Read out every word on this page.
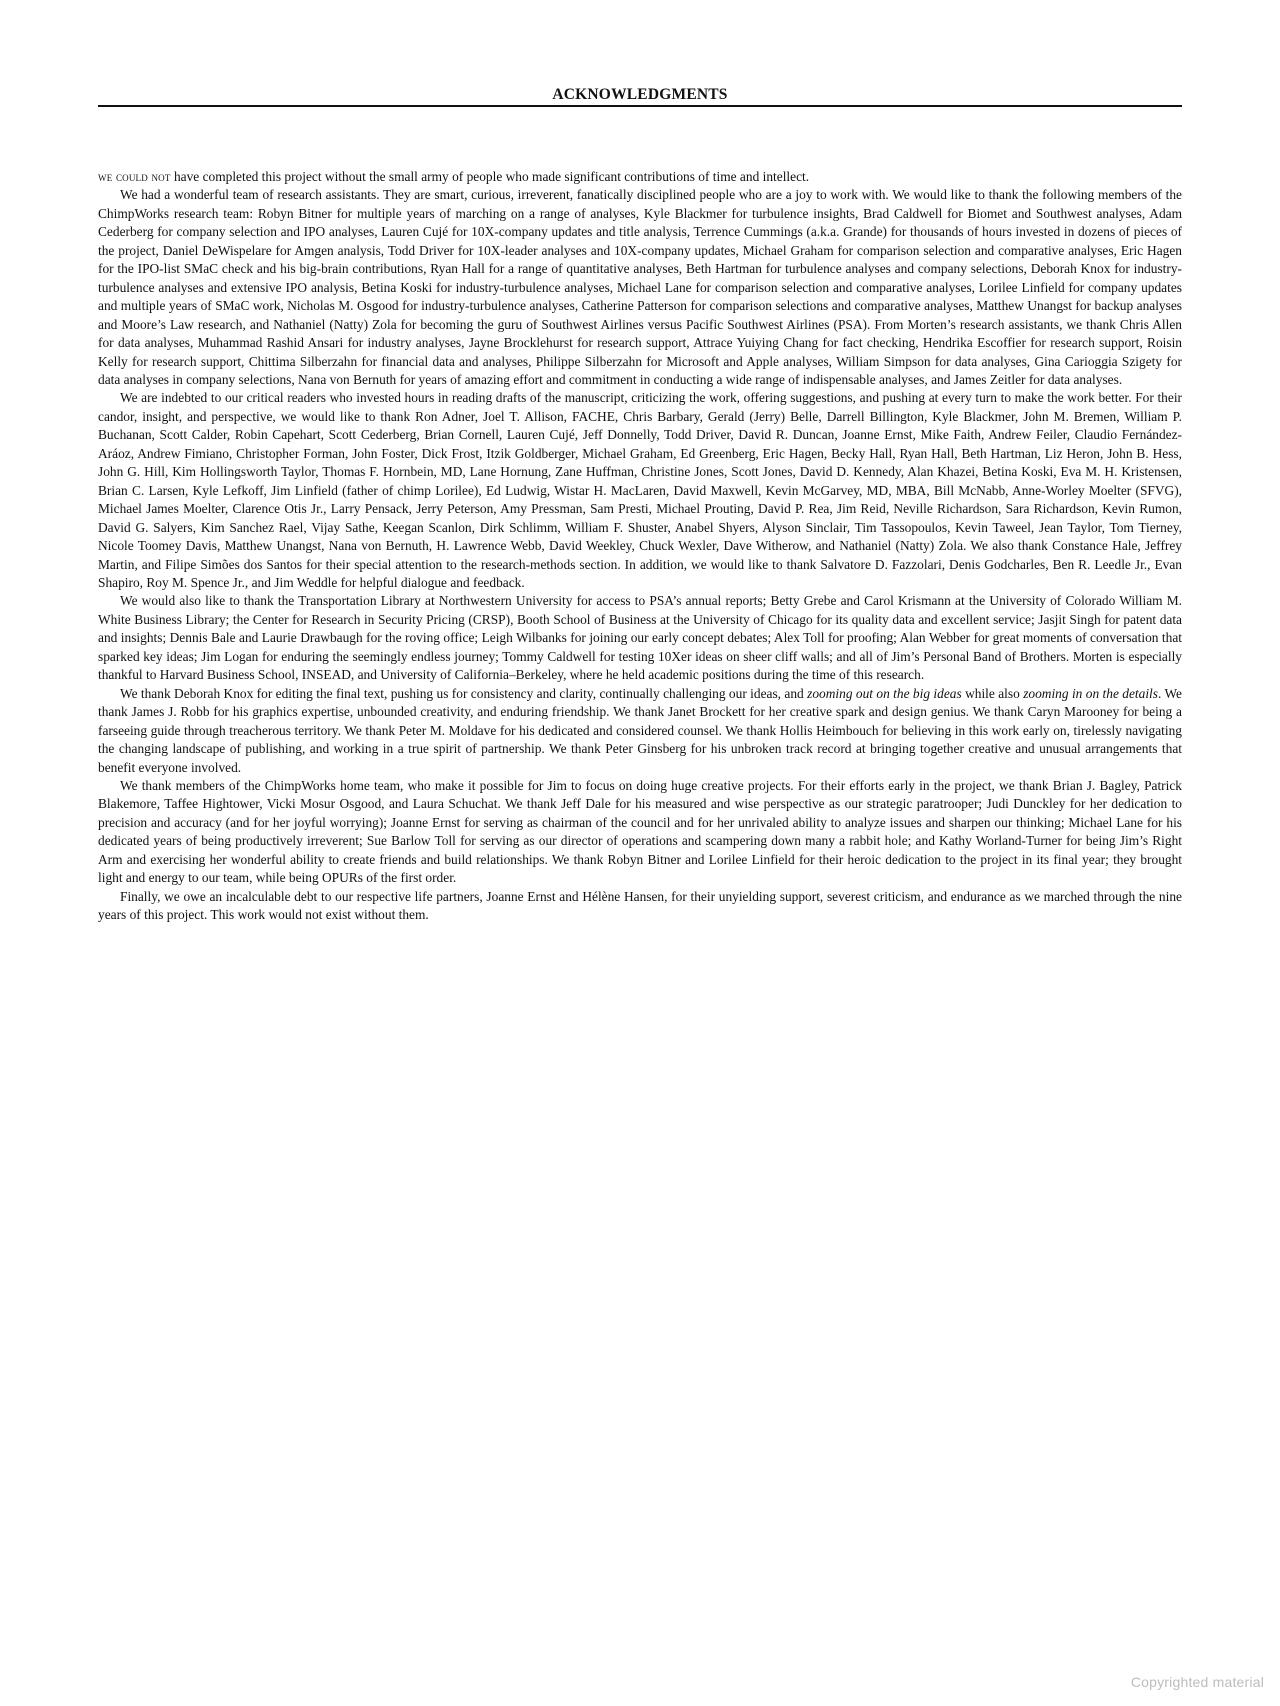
ACKNOWLEDGMENTS

we could not have completed this project without the small army of people who made significant contributions of time and intellect.

We had a wonderful team of research assistants. They are smart, curious, irreverent, fanatically disciplined people who are a joy to work with. We would like to thank the following members of the ChimpWorks research team: Robyn Bitner for multiple years of marching on a range of analyses, Kyle Blackmer for turbulence insights, Brad Caldwell for Biomet and Southwest analyses, Adam Cederberg for company selection and IPO analyses, Lauren Cujé for 10X-company updates and title analysis, Terrence Cummings (a.k.a. Grande) for thousands of hours invested in dozens of pieces of the project, Daniel DeWispelare for Amgen analysis, Todd Driver for 10X-leader analyses and 10X-company updates, Michael Graham for comparison selection and comparative analyses, Eric Hagen for the IPO-list SMaC check and his big-brain contributions, Ryan Hall for a range of quantitative analyses, Beth Hartman for turbulence analyses and company selections, Deborah Knox for industry-turbulence analyses and extensive IPO analysis, Betina Koski for industry-turbulence analyses, Michael Lane for comparison selection and comparative analyses, Lorilee Linfield for company updates and multiple years of SMaC work, Nicholas M. Osgood for industry-turbulence analyses, Catherine Patterson for comparison selections and comparative analyses, Matthew Unangst for backup analyses and Moore’s Law research, and Nathaniel (Natty) Zola for becoming the guru of Southwest Airlines versus Pacific Southwest Airlines (PSA). From Morten’s research assistants, we thank Chris Allen for data analyses, Muhammad Rashid Ansari for industry analyses, Jayne Brocklehurst for research support, Attrace Yuiying Chang for fact checking, Hendrika Escoffier for research support, Roisin Kelly for research support, Chittima Silberzahn for financial data and analyses, Philippe Silberzahn for Microsoft and Apple analyses, William Simpson for data analyses, Gina Carioggia Szigety for data analyses in company selections, Nana von Bernuth for years of amazing effort and commitment in conducting a wide range of indispensable analyses, and James Zeitler for data analyses.

We are indebted to our critical readers who invested hours in reading drafts of the manuscript, criticizing the work, offering suggestions, and pushing at every turn to make the work better. For their candor, insight, and perspective, we would like to thank Ron Adner, Joel T. Allison, FACHE, Chris Barbary, Gerald (Jerry) Belle, Darrell Billington, Kyle Blackmer, John M. Bremen, William P. Buchanan, Scott Calder, Robin Capehart, Scott Cederberg, Brian Cornell, Lauren Cujé, Jeff Donnelly, Todd Driver, David R. Duncan, Joanne Ernst, Mike Faith, Andrew Feiler, Claudio Fernández-Aráoz, Andrew Fimiano, Christopher Forman, John Foster, Dick Frost, Itzik Goldberger, Michael Graham, Ed Greenberg, Eric Hagen, Becky Hall, Ryan Hall, Beth Hartman, Liz Heron, John B. Hess, John G. Hill, Kim Hollingsworth Taylor, Thomas F. Hornbein, MD, Lane Hornung, Zane Huffman, Christine Jones, Scott Jones, David D. Kennedy, Alan Khazei, Betina Koski, Eva M. H. Kristensen, Brian C. Larsen, Kyle Lefkoff, Jim Linfield (father of chimp Lorilee), Ed Ludwig, Wistar H. MacLaren, David Maxwell, Kevin McGarvey, MD, MBA, Bill McNabb, Anne-Worley Moelter (SFVG), Michael James Moelter, Clarence Otis Jr., Larry Pensack, Jerry Peterson, Amy Pressman, Sam Presti, Michael Prouting, David P. Rea, Jim Reid, Neville Richardson, Sara Richardson, Kevin Rumon, David G. Salyers, Kim Sanchez Rael, Vijay Sathe, Keegan Scanlon, Dirk Schlimm, William F. Shuster, Anabel Shyers, Alyson Sinclair, Tim Tassopoulos, Kevin Taweel, Jean Taylor, Tom Tierney, Nicole Toomey Davis, Matthew Unangst, Nana von Bernuth, H. Lawrence Webb, David Weekley, Chuck Wexler, Dave Witherow, and Nathaniel (Natty) Zola. We also thank Constance Hale, Jeffrey Martin, and Filipe Simões dos Santos for their special attention to the research-methods section. In addition, we would like to thank Salvatore D. Fazzolari, Denis Godcharles, Ben R. Leedle Jr., Evan Shapiro, Roy M. Spence Jr., and Jim Weddle for helpful dialogue and feedback.

We would also like to thank the Transportation Library at Northwestern University for access to PSA’s annual reports; Betty Grebe and Carol Krismann at the University of Colorado William M. White Business Library; the Center for Research in Security Pricing (CRSP), Booth School of Business at the University of Chicago for its quality data and excellent service; Jasjit Singh for patent data and insights; Dennis Bale and Laurie Drawbaugh for the roving office; Leigh Wilbanks for joining our early concept debates; Alex Toll for proofing; Alan Webber for great moments of conversation that sparked key ideas; Jim Logan for enduring the seemingly endless journey; Tommy Caldwell for testing 10Xer ideas on sheer cliff walls; and all of Jim’s Personal Band of Brothers. Morten is especially thankful to Harvard Business School, INSEAD, and University of California–Berkeley, where he held academic positions during the time of this research.

We thank Deborah Knox for editing the final text, pushing us for consistency and clarity, continually challenging our ideas, and zooming out on the big ideas while also zooming in on the details. We thank James J. Robb for his graphics expertise, unbounded creativity, and enduring friendship. We thank Janet Brockett for her creative spark and design genius. We thank Caryn Marooney for being a farseeing guide through treacherous territory. We thank Peter M. Moldave for his dedicated and considered counsel. We thank Hollis Heimbouch for believing in this work early on, tirelessly navigating the changing landscape of publishing, and working in a true spirit of partnership. We thank Peter Ginsberg for his unbroken track record at bringing together creative and unusual arrangements that benefit everyone involved.

We thank members of the ChimpWorks home team, who make it possible for Jim to focus on doing huge creative projects. For their efforts early in the project, we thank Brian J. Bagley, Patrick Blakemore, Taffee Hightower, Vicki Mosur Osgood, and Laura Schuchat. We thank Jeff Dale for his measured and wise perspective as our strategic paratrooper; Judi Dunckley for her dedication to precision and accuracy (and for her joyful worrying); Joanne Ernst for serving as chairman of the council and for her unrivaled ability to analyze issues and sharpen our thinking; Michael Lane for his dedicated years of being productively irreverent; Sue Barlow Toll for serving as our director of operations and scampering down many a rabbit hole; and Kathy Worland-Turner for being Jim’s Right Arm and exercising her wonderful ability to create friends and build relationships. We thank Robyn Bitner and Lorilee Linfield for their heroic dedication to the project in its final year; they brought light and energy to our team, while being OPURs of the first order.

Finally, we owe an incalculable debt to our respective life partners, Joanne Ernst and Hélène Hansen, for their unyielding support, severest criticism, and endurance as we marched through the nine years of this project. This work would not exist without them.

Copyrighted material
